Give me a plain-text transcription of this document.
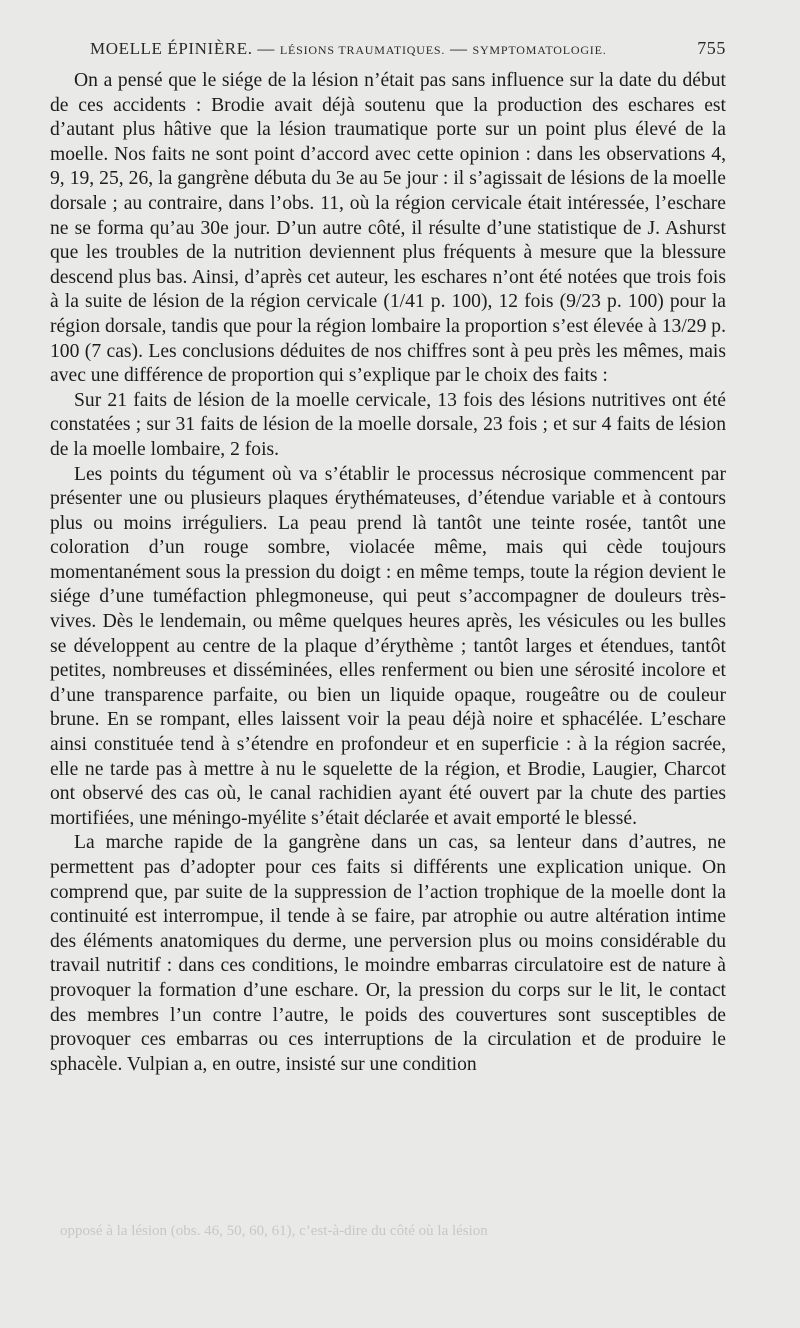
MOELLE ÉPINIÈRE. — LÉSIONS TRAUMATIQUES. — SYMPTOMATOLOGIE.	755

On a pensé que le siége de la lésion n’était pas sans influence sur la date du début de ces accidents : Brodie avait déjà soutenu que la production des eschares est d’autant plus hâtive que la lésion traumatique porte sur un point plus élevé de la moelle. Nos faits ne sont point d’accord avec cette opinion : dans les observations 4, 9, 19, 25, 26, la gangrène débuta du 3e au 5e jour : il s’agissait de lésions de la moelle dorsale ; au contraire, dans l’obs. 11, où la région cervicale était intéressée, l’eschare ne se forma qu’au 30e jour. D’un autre côté, il résulte d’une statistique de J. Ashurst que les troubles de la nutrition deviennent plus fréquents à mesure que la blessure descend plus bas. Ainsi, d’après cet auteur, les eschares n’ont été notées que trois fois à la suite de lésion de la région cervicale (1/41 p. 100), 12 fois (9/23 p. 100) pour la région dorsale, tandis que pour la région lombaire la proportion s’est élevée à 13/29 p. 100 (7 cas). Les conclusions déduites de nos chiffres sont à peu près les mêmes, mais avec une différence de proportion qui s’explique par le choix des faits :

Sur 21 faits de lésion de la moelle cervicale, 13 fois des lésions nutritives ont été constatées ; sur 31 faits de lésion de la moelle dorsale, 23 fois ; et sur 4 faits de lésion de la moelle lombaire, 2 fois.

Les points du tégument où va s’établir le processus nécrosique commencent par présenter une ou plusieurs plaques érythémateuses, d’étendue variable et à contours plus ou moins irréguliers. La peau prend là tantôt une teinte rosée, tantôt une coloration d’un rouge sombre, violacée même, mais qui cède toujours momentanément sous la pression du doigt : en même temps, toute la région devient le siége d’une tuméfaction phlegmoneuse, qui peut s’accompagner de douleurs très-vives. Dès le lendemain, ou même quelques heures après, les vésicules ou les bulles se développent au centre de la plaque d’érythème ; tantôt larges et étendues, tantôt petites, nombreuses et disséminées, elles renferment ou bien une sérosité incolore et d’une transparence parfaite, ou bien un liquide opaque, rougeâtre ou de couleur brune. En se rompant, elles laissent voir la peau déjà noire et sphacélée. L’eschare ainsi constituée tend à s’étendre en profondeur et en superficie : à la région sacrée, elle ne tarde pas à mettre à nu le squelette de la région, et Brodie, Laugier, Charcot ont observé des cas où, le canal rachidien ayant été ouvert par la chute des parties mortifiées, une méningo-myélite s’était déclarée et avait emporté le blessé.

La marche rapide de la gangrène dans un cas, sa lenteur dans d’autres, ne permettent pas d’adopter pour ces faits si différents une explication unique. On comprend que, par suite de la suppression de l’action trophique de la moelle dont la continuité est interrompue, il tende à se faire, par atrophie ou autre altération intime des éléments anatomiques du derme, une perversion plus ou moins considérable du travail nutritif : dans ces conditions, le moindre embarras circulatoire est de nature à provoquer la formation d’une eschare. Or, la pression du corps sur le lit, le contact des membres l’un contre l’autre, le poids des couvertures sont susceptibles de provoquer ces embarras ou ces interruptions de la circulation et de produire le sphacèle. Vulpian a, en outre, insisté sur une condition

opposé à la lésion (obs. 46, 50, 60, 61), c’est-à-dire du côté où la lésion
